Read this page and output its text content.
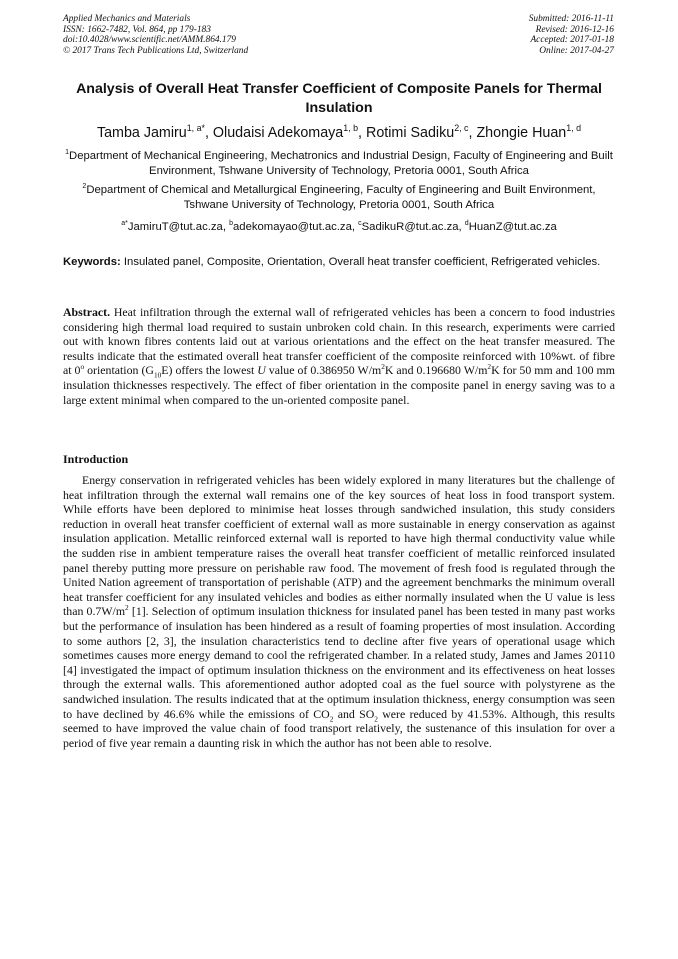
Applied Mechanics and Materials
ISSN: 1662-7482, Vol. 864, pp 179-183
doi:10.4028/www.scientific.net/AMM.864.179
© 2017 Trans Tech Publications Ltd, Switzerland
Submitted: 2016-11-11
Revised: 2016-12-16
Accepted: 2017-01-18
Online: 2017-04-27
Analysis of Overall Heat Transfer Coefficient of Composite Panels for Thermal Insulation
Tamba Jamiru$^{1, a*}$, Oludaisi Adekomaya$^{1, b}$, Rotimi Sadiku$^{2, c}$, Zhongie Huan$^{1, d}$
$^1$Department of Mechanical Engineering, Mechatronics and Industrial Design, Faculty of Engineering and Built Environment, Tshwane University of Technology, Pretoria 0001, South Africa
$^2$Department of Chemical and Metallurgical Engineering, Faculty of Engineering and Built Environment, Tshwane University of Technology, Pretoria 0001, South Africa
$^{a*}$JamiruT@tut.ac.za, $^b$adekomayao@tut.ac.za, $^c$SadikuR@tut.ac.za, $^d$HuanZ@tut.ac.za
Keywords: Insulated panel, Composite, Orientation, Overall heat transfer coefficient, Refrigerated vehicles.
Abstract. Heat infiltration through the external wall of refrigerated vehicles has been a concern to food industries considering high thermal load required to sustain unbroken cold chain. In this research, experiments were carried out with known fibres contents laid out at various orientations and the effect on the heat transfer measured. The results indicate that the estimated overall heat transfer coefficient of the composite reinforced with 10%wt. of fibre at 0$^o$ orientation $(G_{10}E)$ offers the lowest U value of 0.386950 $W/m^2K$ and 0.196680 $W/m^2K$ for 50 mm and 100 mm insulation thicknesses respectively. The effect of fiber orientation in the composite panel in energy saving was to a large extent minimal when compared to the un-oriented composite panel.
Introduction
Energy conservation in refrigerated vehicles has been widely explored in many literatures but the challenge of heat infiltration through the external wall remains one of the key sources of heat loss in food transport system. While efforts have been deplored to minimise heat losses through sandwiched insulation, this study considers reduction in overall heat transfer coefficient of external wall as more sustainable in energy conservation as against insulation application. Metallic reinforced external wall is reported to have high thermal conductivity value while the sudden rise in ambient temperature raises the overall heat transfer coefficient of metallic reinforced insulated panel thereby putting more pressure on perishable raw food. The movement of fresh food is regulated through the United Nation agreement of transportation of perishable (ATP) and the agreement benchmarks the minimum overall heat transfer coefficient for any insulated vehicles and bodies as either normally insulated when the U value is less than $0.7W/m^2$ [1]. Selection of optimum insulation thickness for insulated panel has been tested in many past works but the performance of insulation has been hindered as a result of foaming properties of most insulation. According to some authors [2, 3], the insulation characteristics tend to decline after five years of operational usage which sometimes causes more energy demand to cool the refrigerated chamber. In a related study, James and James 20110 [4] investigated the impact of optimum insulation thickness on the environment and its effectiveness on heat losses through the external walls. This aforementioned author adopted coal as the fuel source with polystyrene as the sandwiched insulation. The results indicated that at the optimum insulation thickness, energy consumption was seen to have declined by 46.6% while the emissions of $CO_2$ and $SO_2$ were reduced by 41.53%. Although, this results seemed to have improved the value chain of food transport relatively, the sustenance of this insulation for over a period of five year remain a daunting risk in which the author has not been able to resolve.
